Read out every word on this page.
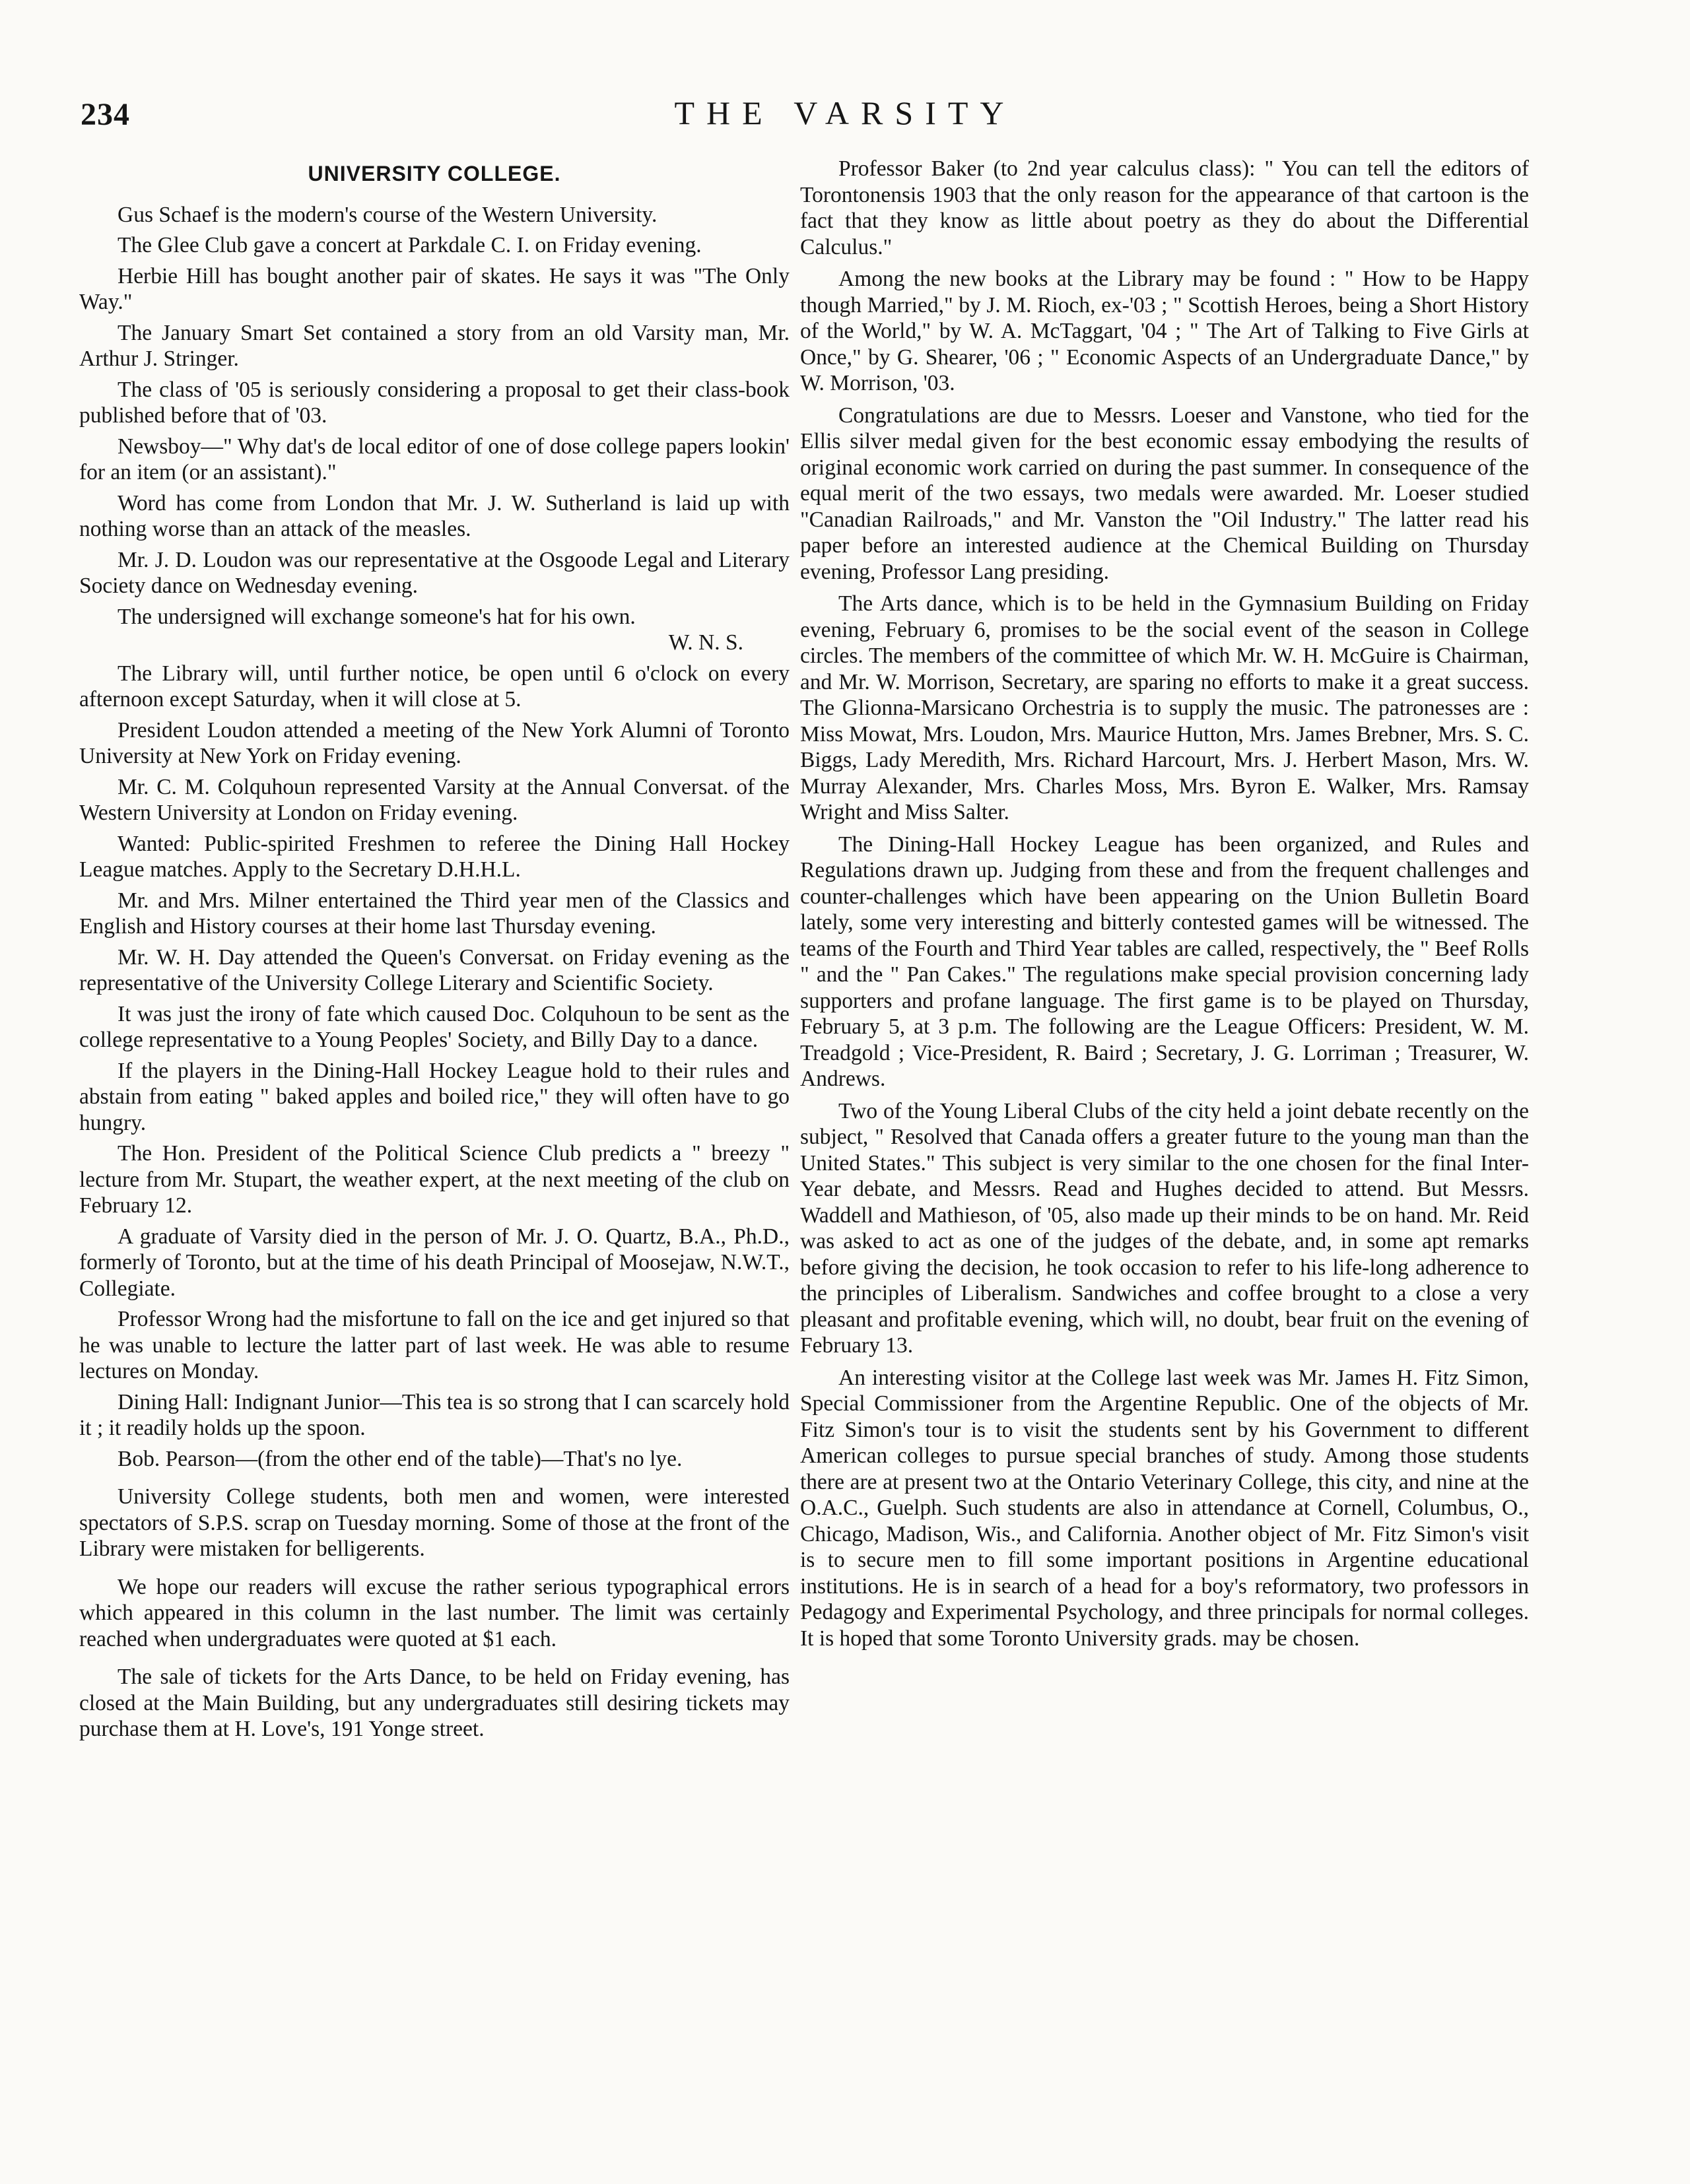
234	THE VARSITY
UNIVERSITY COLLEGE.

Gus Schaef is the modern's course of the Western University.

The Glee Club gave a concert at Parkdale C. I. on Friday evening.

Herbie Hill has bought another pair of skates. He says it was "The Only Way."

The January Smart Set contained a story from an old Varsity man, Mr. Arthur J. Stringer.

The class of '05 is seriously considering a proposal to get their class-book published before that of '03.

Newsboy—" Why dat's de local editor of one of dose college papers lookin' for an item (or an assistant)."

Word has come from London that Mr. J. W. Sutherland is laid up with nothing worse than an attack of the measles.

Mr. J. D. Loudon was our representative at the Osgoode Legal and Literary Society dance on Wednesday evening.

The undersigned will exchange someone's hat for his own.

W. N. S.

The Library will, until further notice, be open until 6 o'clock on every afternoon except Saturday, when it will close at 5.

President Loudon attended a meeting of the New York Alumni of Toronto University at New York on Friday evening.

Mr. C. M. Colquhoun represented Varsity at the Annual Conversat. of the Western University at London on Friday evening.

Wanted: Public-spirited Freshmen to referee the Dining Hall Hockey League matches. Apply to the Secretary D.H.H.L.

Mr. and Mrs. Milner entertained the Third year men of the Classics and English and History courses at their home last Thursday evening.

Mr. W. H. Day attended the Queen's Conversat. on Friday evening as the representative of the University College Literary and Scientific Society.

It was just the irony of fate which caused Doc. Colquhoun to be sent as the college representative to a Young Peoples' Society, and Billy Day to a dance.

If the players in the Dining-Hall Hockey League hold to their rules and abstain from eating " baked apples and boiled rice," they will often have to go hungry.

The Hon. President of the Political Science Club predicts a " breezy " lecture from Mr. Stupart, the weather expert, at the next meeting of the club on February 12.

A graduate of Varsity died in the person of Mr. J. O. Quartz, B.A., Ph.D., formerly of Toronto, but at the time of his death Principal of Moosejaw, N.W.T., Collegiate.

Professor Wrong had the misfortune to fall on the ice and get injured so that he was unable to lecture the latter part of last week. He was able to resume lectures on Monday.

Dining Hall: Indignant Junior—This tea is so strong that I can scarcely hold it ; it readily holds up the spoon.

Bob. Pearson—(from the other end of the table)—That's no lye.

University College students, both men and women, were interested spectators of S.P.S. scrap on Tuesday morning. Some of those at the front of the Library were mistaken for belligerents.

We hope our readers will excuse the rather serious typographical errors which appeared in this column in the last number. The limit was certainly reached when undergraduates were quoted at $1 each.

The sale of tickets for the Arts Dance, to be held on Friday evening, has closed at the Main Building, but any undergraduates still desiring tickets may purchase them at H. Love's, 191 Yonge street.

Professor Baker (to 2nd year calculus class): " You can tell the editors of Torontonensis 1903 that the only reason for the appearance of that cartoon is the fact that they know as little about poetry as they do about the Differential Calculus."

Among the new books at the Library may be found : " How to be Happy though Married," by J. M. Rioch, ex-'03 ; " Scottish Heroes, being a Short History of the World," by W. A. McTaggart, '04 ; " The Art of Talking to Five Girls at Once," by G. Shearer, '06 ; " Economic Aspects of an Undergraduate Dance," by W. Morrison, '03.

Congratulations are due to Messrs. Loeser and Vanstone, who tied for the Ellis silver medal given for the best economic essay embodying the results of original economic work carried on during the past summer. In consequence of the equal merit of the two essays, two medals were awarded. Mr. Loeser studied "Canadian Railroads," and Mr. Vanston the "Oil Industry." The latter read his paper before an interested audience at the Chemical Building on Thursday evening, Professor Lang presiding.

The Arts dance, which is to be held in the Gymnasium Building on Friday evening, February 6, promises to be the social event of the season in College circles. The members of the committee of which Mr. W. H. McGuire is Chairman, and Mr. W. Morrison, Secretary, are sparing no efforts to make it a great success. The Glionna-Marsicano Orchestria is to supply the music. The patronesses are : Miss Mowat, Mrs. Loudon, Mrs. Maurice Hutton, Mrs. James Brebner, Mrs. S. C. Biggs, Lady Meredith, Mrs. Richard Harcourt, Mrs. J. Herbert Mason, Mrs. W. Murray Alexander, Mrs. Charles Moss, Mrs. Byron E. Walker, Mrs. Ramsay Wright and Miss Salter.

The Dining-Hall Hockey League has been organized, and Rules and Regulations drawn up. Judging from these and from the frequent challenges and counter-challenges which have been appearing on the Union Bulletin Board lately, some very interesting and bitterly contested games will be witnessed. The teams of the Fourth and Third Year tables are called, respectively, the " Beef Rolls " and the " Pan Cakes." The regulations make special provision concerning lady supporters and profane language. The first game is to be played on Thursday, February 5, at 3 p.m. The following are the League Officers: President, W. M. Treadgold ; Vice-President, R. Baird ; Secretary, J. G. Lorriman ; Treasurer, W. Andrews.

Two of the Young Liberal Clubs of the city held a joint debate recently on the subject, " Resolved that Canada offers a greater future to the young man than the United States." This subject is very similar to the one chosen for the final Inter-Year debate, and Messrs. Read and Hughes decided to attend. But Messrs. Waddell and Mathieson, of '05, also made up their minds to be on hand. Mr. Reid was asked to act as one of the judges of the debate, and, in some apt remarks before giving the decision, he took occasion to refer to his life-long adherence to the principles of Liberalism. Sandwiches and coffee brought to a close a very pleasant and profitable evening, which will, no doubt, bear fruit on the evening of February 13.

An interesting visitor at the College last week was Mr. James H. Fitz Simon, Special Commissioner from the Argentine Republic. One of the objects of Mr. Fitz Simon's tour is to visit the students sent by his Government to different American colleges to pursue special branches of study. Among those students there are at present two at the Ontario Veterinary College, this city, and nine at the O.A.C., Guelph. Such students are also in attendance at Cornell, Columbus, O., Chicago, Madison, Wis., and California. Another object of Mr. Fitz Simon's visit is to secure men to fill some important positions in Argentine educational institutions. He is in search of a head for a boy's reformatory, two professors in Pedagogy and Experimental Psychology, and three principals for normal colleges. It is hoped that some Toronto University grads. may be chosen.
